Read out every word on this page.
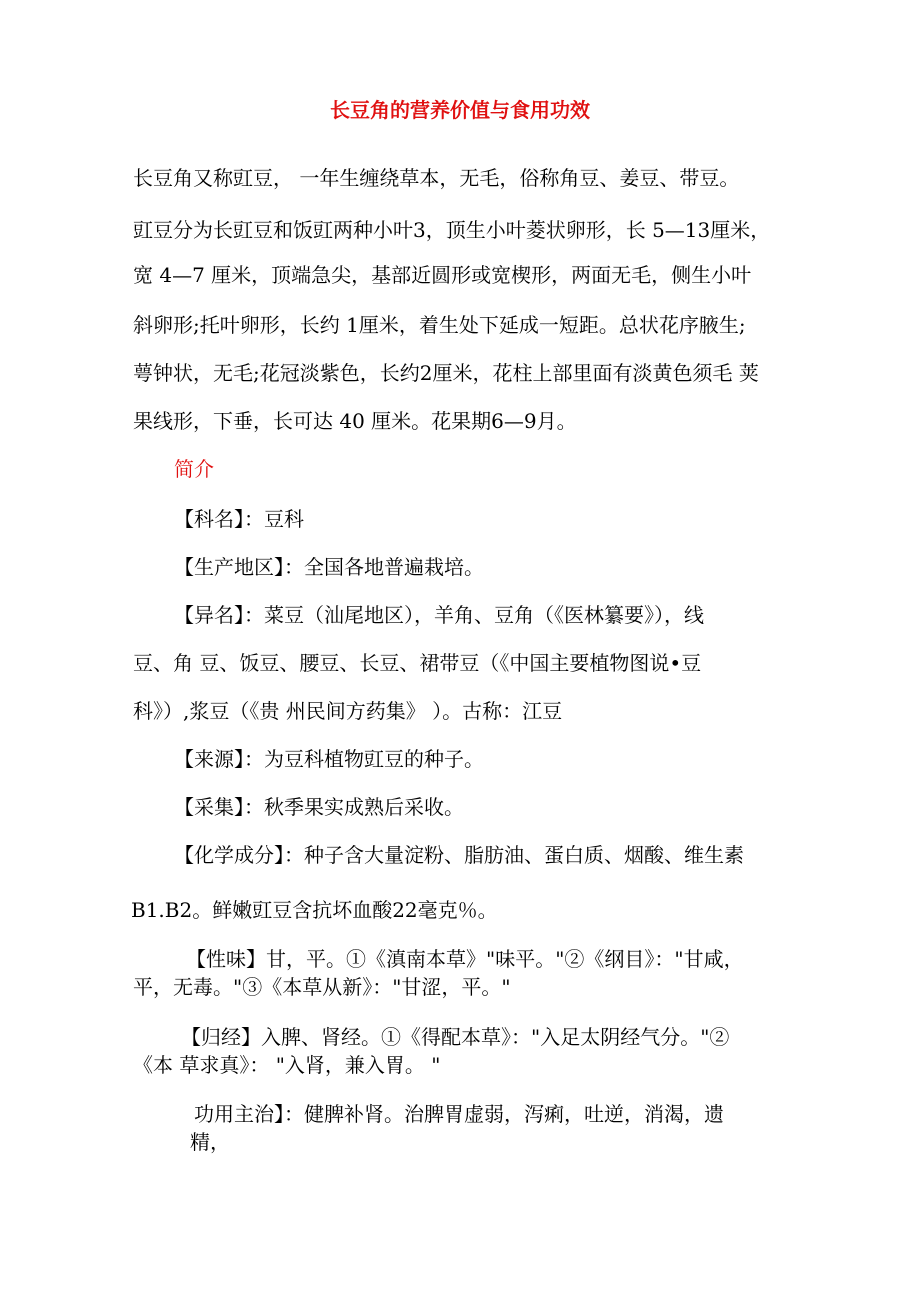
长豆角的营养价值与食用功效
长豆角又称豇豆， 一年生缠绕草本，无毛，俗称角豆、姜豆、带豆。
豇豆分为长豇豆和饭豇两种小叶3，顶生小叶菱状卵形，长 5—13厘米，
宽 4—7 厘米，顶端急尖，基部近圆形或宽楔形，两面无毛，侧生小叶
斜卵形;托叶卵形，长约 1厘米，着生处下延成一短距。总状花序腋生;
萼钟状，无毛;花冠淡紫色，长约2厘米，花柱上部里面有淡黄色须毛 荚
果线形，下垂，长可达 40 厘米。花果期6—9月。
简介
【科名】：豆科
【生产地区】：全国各地普遍栽培。
【异名】：菜豆（汕尾地区），羊角、豆角（《医林纂要》），线
豆、角 豆、饭豆、腰豆、长豆、裙带豆（《中国主要植物图说•豆
科》）,浆豆（《贵 州民间方药集》 ）。古称：江豆
【来源】：为豆科植物豇豆的种子。
【采集】：秋季果实成熟后采收。
【化学成分】：种子含大量淀粉、脂肪油、蛋白质、烟酸、维生素
B1.B2。鲜嫩豇豆含抗坏血酸22毫克％。
【性味】甘，平。①《滇南本草》"味平。"②《纲目》："甘咸，
平，无毒。"③《本草从新》："甘涩，平。"
【归经】入脾、肾经。①《得配本草》："入足太阴经气分。"②
《本 草求真》： "入肾，兼入胃。 "
功用主治】：健脾补肾。治脾胃虚弱，泻痢，吐逆，消渴，遗
精，
